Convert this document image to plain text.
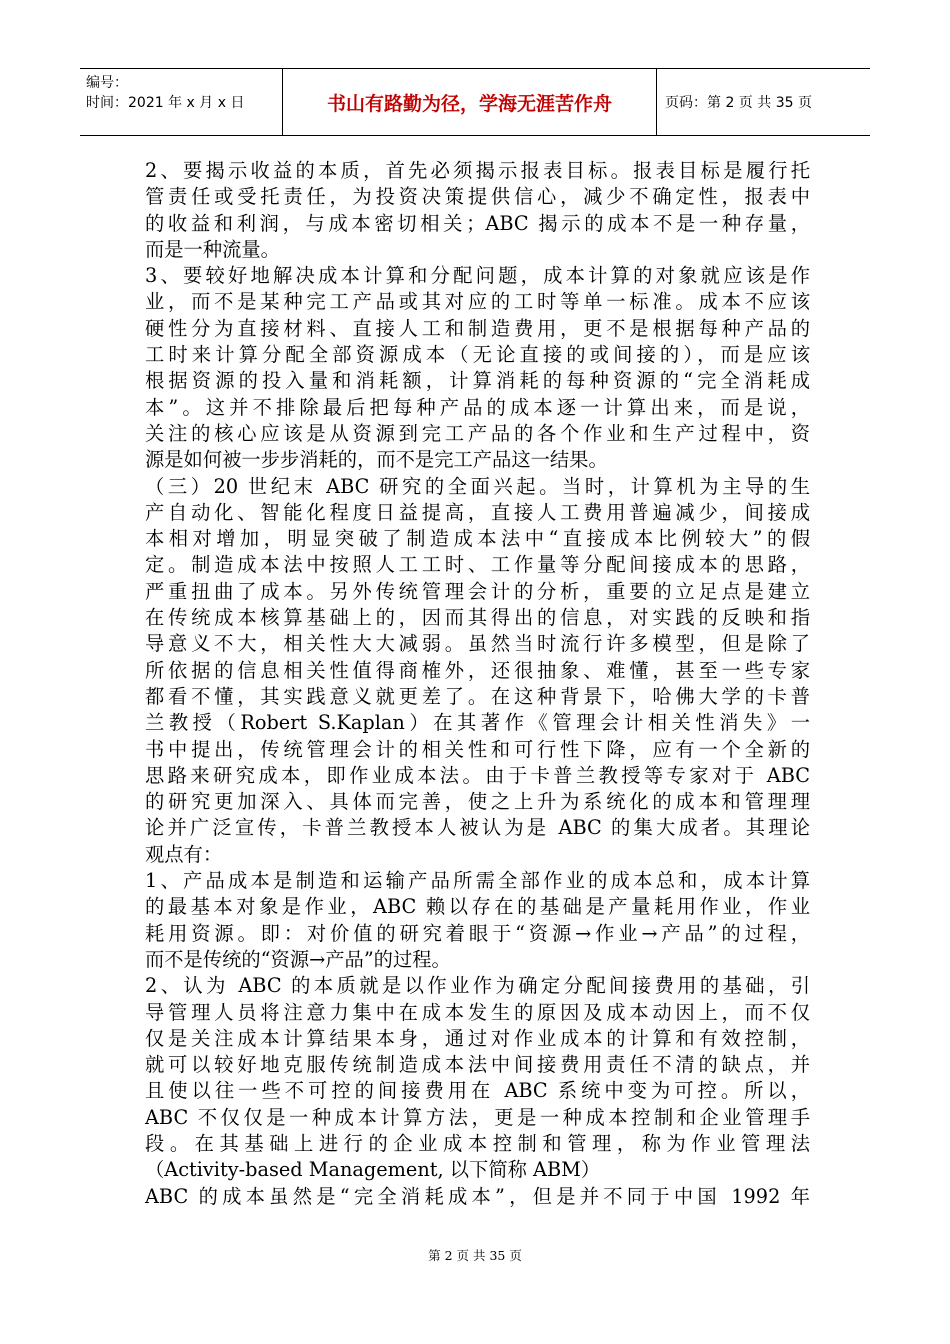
编号：
时间：2021 年 x 月 x 日	书山有路勤为径，学海无涯苦作舟	页码：第 2 页 共 35 页
2、要揭示收益的本质，首先必须揭示报表目标。报表目标是履行托
管责任或受托责任，为投资决策提供信心，减少不确定性，报表中
的收益和利润，与成本密切相关；ABC 揭示的成本不是一种存量，
而是一种流量。
3、要较好地解决成本计算和分配问题，成本计算的对象就应该是作
业，而不是某种完工产品或其对应的工时等单一标准。成本不应该
硬性分为直接材料、直接人工和制造费用，更不是根据每种产品的
工时来计算分配全部资源成本（无论直接的或间接的），而是应该
根据资源的投入量和消耗额，计算消耗的每种资源的“完全消耗成
本”。这并不排除最后把每种产品的成本逐一计算出来，而是说，
关注的核心应该是从资源到完工产品的各个作业和生产过程中，资
源是如何被一步步消耗的，而不是完工产品这一结果。
（三）20 世纪末 ABC 研究的全面兴起。当时，计算机为主导的生
产自动化、智能化程度日益提高，直接人工费用普遍减少，间接成
本相对增加，明显突破了制造成本法中“直接成本比例较大”的假
定。制造成本法中按照人工工时、工作量等分配间接成本的思路，
严重扭曲了成本。另外传统管理会计的分析，重要的立足点是建立
在传统成本核算基础上的，因而其得出的信息，对实践的反映和指
导意义不大，相关性大大减弱。虽然当时流行许多模型，但是除了
所依据的信息相关性值得商榷外，还很抽象、难懂，甚至一些专家
都看不懂，其实践意义就更差了。在这种背景下，哈佛大学的卡普
兰教授（Robert S.Kaplan）在其著作《管理会计相关性消失》一
书中提出，传统管理会计的相关性和可行性下降，应有一个全新的
思路来研究成本，即作业成本法。由于卡普兰教授等专家对于 ABC
的研究更加深入、具体而完善，使之上升为系统化的成本和管理理
论并广泛宣传，卡普兰教授本人被认为是 ABC 的集大成者。其理论
观点有：
1、产品成本是制造和运输产品所需全部作业的成本总和，成本计算
的最基本对象是作业，ABC 赖以存在的基础是产量耗用作业，作业
耗用资源。即：对价值的研究着眼于“资源→作业→产品”的过程，
而不是传统的“资源→产品”的过程。
2、认为 ABC 的本质就是以作业作为确定分配间接费用的基础，引
导管理人员将注意力集中在成本发生的原因及成本动因上，而不仅
仅是关注成本计算结果本身，通过对作业成本的计算和有效控制，
就可以较好地克服传统制造成本法中间接费用责任不清的缺点，并
且使以往一些不可控的间接费用在 ABC 系统中变为可控。所以，
ABC 不仅仅是一种成本计算方法，更是一种成本控制和企业管理手
段。在其基础上进行的企业成本控制和管理，称为作业管理法
（Activity-based Management, 以下简称 ABM）
ABC 的成本虽然是“完全消耗成本”，但是并不同于中国 1992 年
第 2 页 共 35 页
